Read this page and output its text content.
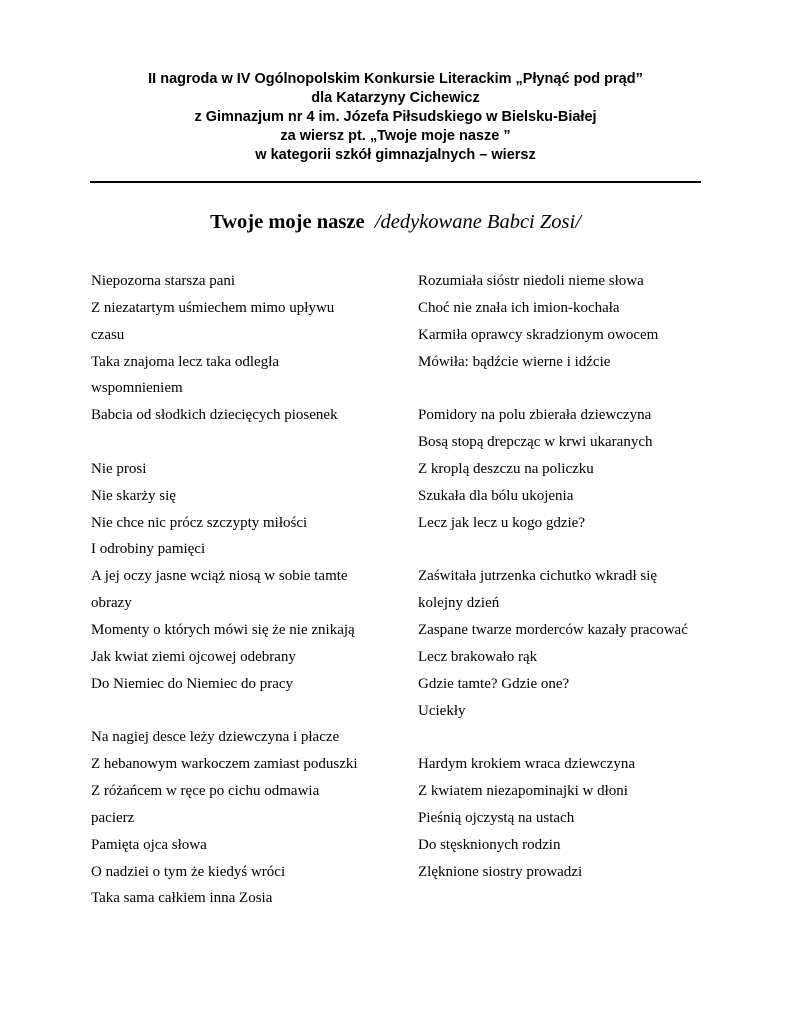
II nagroda w IV Ogólnopolskim Konkursie Literackim „Płynąć pod prąd”
dla Katarzyny Cichewicz
z Gimnazjum nr 4 im. Józefa Piłsudskiego w Bielsku-Białej
za wiersz pt. „Twoje moje nasze ”
w kategorii szkół gimnazjalnych – wiersz
Twoje moje nasze /dedykowane Babci Zosi/
Niepozorna starsza pani
Z niezatartym uśmiechem mimo upływu
czasu
Taka znajoma lecz taka odległa
wspomnieniem
Babcia od słodkich dziecięcych piosenek
Nie prosi
Nie skarży się
Nie chce nic prócz szczypty miłości
I odrobiny pamięci
A jej oczy jasne wciąż niosą w sobie tamte
obrazy
Momenty o których mówi się że nie znikają
Jak kwiat ziemi ojcowej odebrany
Do Niemiec do Niemiec do pracy
Na nagiej desce leży dziewczyna i płacze
Z hebanowym warkoczem zamiast poduszki
Z różańcem w ręce po cichu odmawia
pacierz
Pamięta ojca słowa
O nadziei o tym że kiedyś wróci
Taka sama całkiem inna Zosia
Rozumiała sióstr niedoli nieme słowa
Choć nie znała ich imion-kochała
Karmiła oprawcy skradzionym owocem
Mówiła: bądźcie wierne i idźcie
Pomidory na polu zbierała dziewczyna
Bosą stopą drepcząc w krwi ukaranych
Z kroplą deszczu na policzku
Szukała dla bólu ukojenia
Lecz jak lecz u kogo gdzie?
Zaświtała jutrzenka cichutko wkradł się
kolejny dzień
Zaspane twarze morderców kazały pracować
Lecz brakowało rąk
Gdzie tamte? Gdzie one?
Uciekły
Hardym krokiem wraca dziewczyna
Z kwiatem niezapominajki w dłoni
Pieśnią ojczystą na ustach
Do stęsknionych rodzin
Zlęknione siostry prowadzi
